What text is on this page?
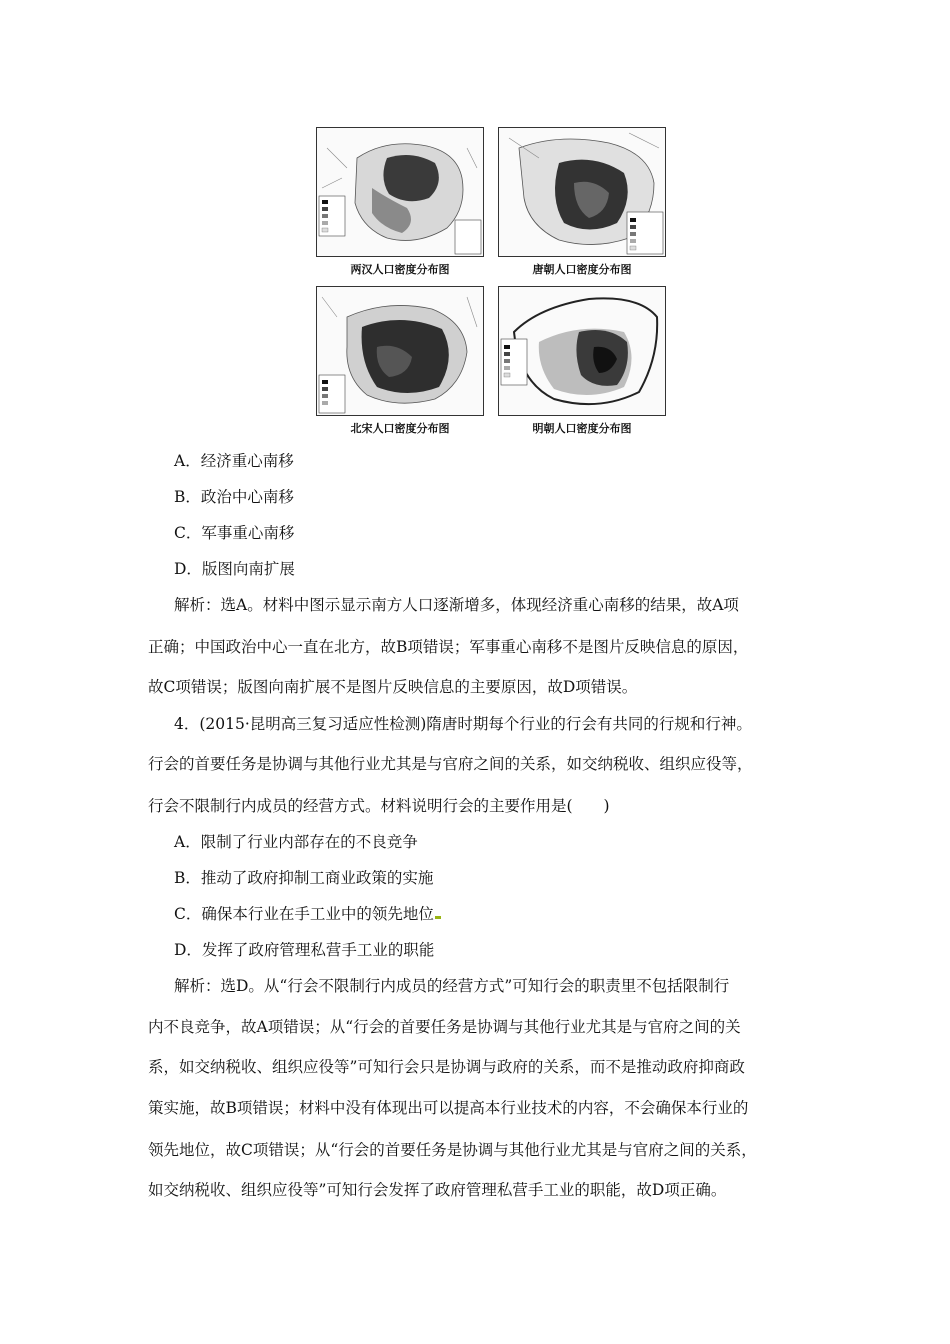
两汉人口密度分布图	唐朝人口密度分布图
北宋人口密度分布图	明朝人口密度分布图
A．经济重心南移
B．政治中心南移
C．军事重心南移
D．版图向南扩展
解析：选A。材料中图示显示南方人口逐渐增多，体现经济重心南移的结果，故A项
正确；中国政治中心一直在北方，故B项错误；军事重心南移不是图片反映信息的原因，
故C项错误；版图向南扩展不是图片反映信息的主要原因，故D项错误。
4．(2015·昆明高三复习适应性检测)隋唐时期每个行业的行会有共同的行规和行神。
行会的首要任务是协调与其他行业尤其是与官府之间的关系，如交纳税收、组织应役等，
行会不限制行内成员的经营方式。材料说明行会的主要作用是(　　)
A．限制了行业内部存在的不良竞争
B．推动了政府抑制工商业政策的实施
C．确保本行业在手工业中的领先地位
D．发挥了政府管理私营手工业的职能
解析：选D。从“行会不限制行内成员的经营方式”可知行会的职责里不包括限制行
内不良竞争，故A项错误；从“行会的首要任务是协调与其他行业尤其是与官府之间的关
系，如交纳税收、组织应役等”可知行会只是协调与政府的关系，而不是推动政府抑商政
策实施，故B项错误；材料中没有体现出可以提高本行业技术的内容，不会确保本行业的
领先地位，故C项错误；从“行会的首要任务是协调与其他行业尤其是与官府之间的关系，
如交纳税收、组织应役等”可知行会发挥了政府管理私营手工业的职能，故D项正确。
